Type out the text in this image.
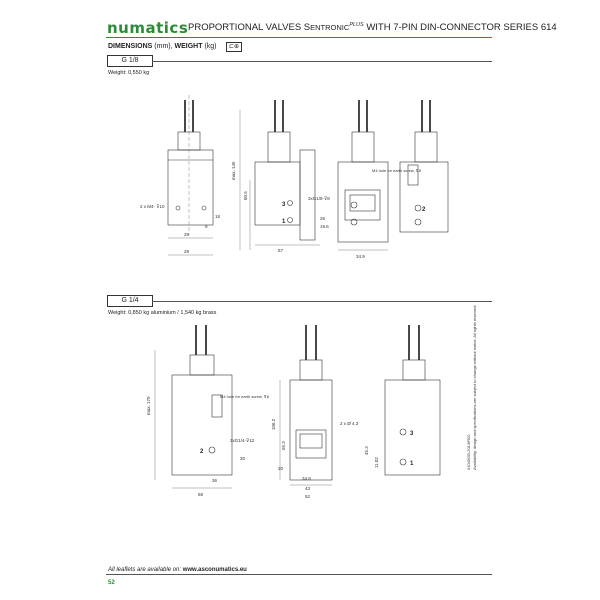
numatics PROPORTIONAL VALVES $SENTRONIC^{PLUS}$ WITH 7-PIN DIN-CONNECTOR SERIES 614
DIMENSIONS (mm), WEIGHT (kg)	⊏⊕
G 1/8
Weight: 0,550 kg
2 x M4- ⊽10
18
9
25
29
max. 145
80.5	3xG1/8-⊽8
26
19.6
57
34.9
M4 hole for earth screw, ⊽8
3
1
2
G 1/4
Weight: 0,850 kg aluminium / 1,540 kg brass
max. 170	M4 hole for earth screw, ⊽8
3xG1/4-⊽12
30
36
68
106.2
55.3
20
34.8
43
52
2 x Ø 4.3
45.3
11.02
2
3
1	01043GB-2013/R02 Availability, design and specifications are subject to change without notice. All rights reserved.
All leaflets are available on: www.asconumatics.eu
52
